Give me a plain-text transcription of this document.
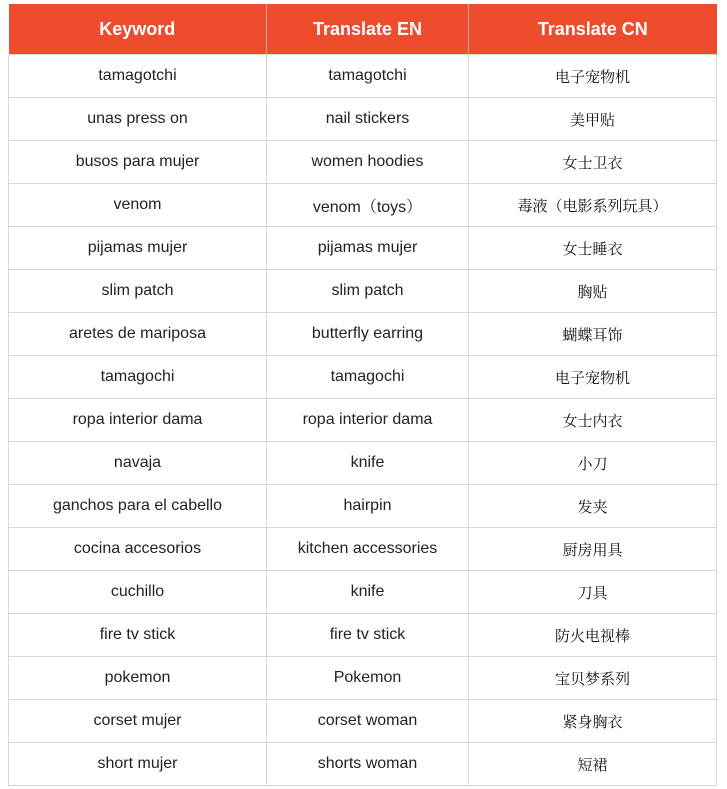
Keyword	Translate EN	Translate CN
tamagotchi	tamagotchi	电子宠物机
unas press on	nail stickers	美甲贴
busos para mujer	women hoodies	女士卫衣
venom	venom（toys）	毒液（电影系列玩具）
pijamas mujer	pijamas mujer	女士睡衣
slim patch	slim patch	胸贴
aretes de mariposa	butterfly earring	蝴蝶耳饰
tamagochi	tamagochi	电子宠物机
ropa interior dama	ropa interior dama	女士内衣
navaja	knife	小刀
ganchos para el cabello	hairpin	发夹
cocina accesorios	kitchen accessories	厨房用具
cuchillo	knife	刀具
fire tv stick	fire tv stick	防火电视棒
pokemon	Pokemon	宝贝梦系列
corset mujer	corset woman	紧身胸衣
short mujer	shorts woman	短裙
